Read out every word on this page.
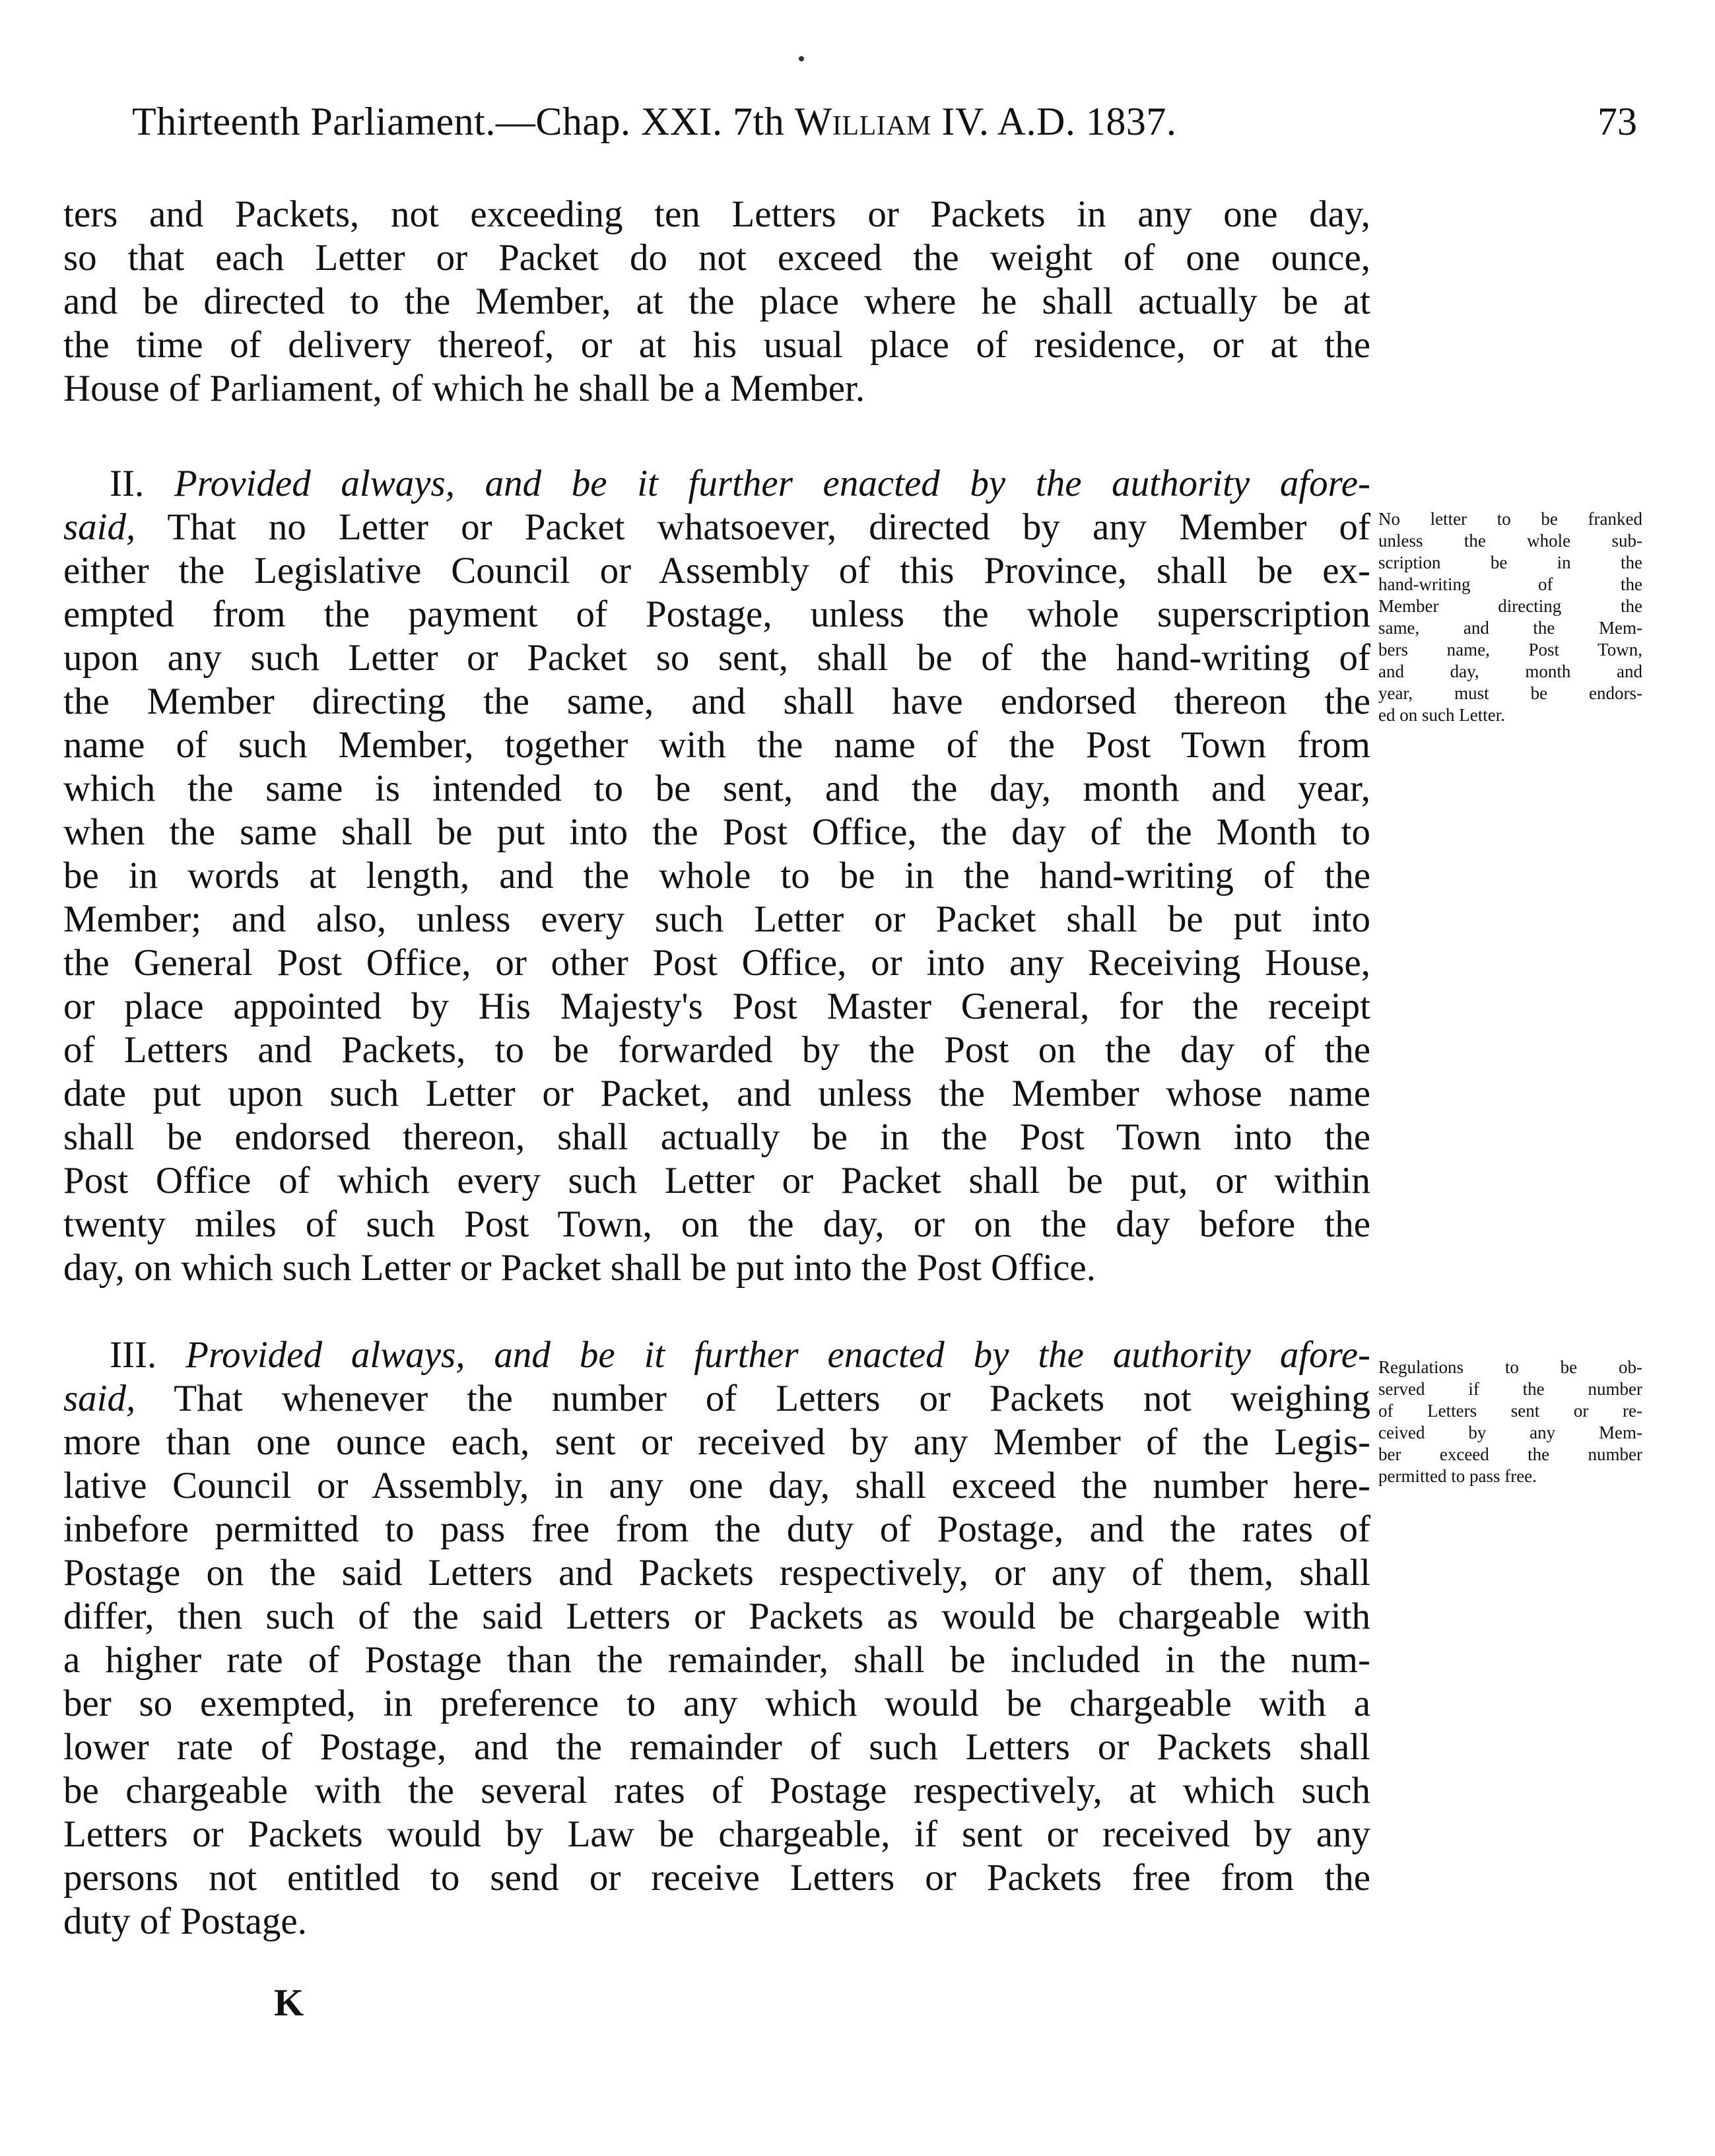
Thirteenth Parliament.—Chap. XXI. 7th William IV. A.D. 1837.	73
ters and Packets, not exceeding ten Letters or Packets in any one day,
so that each Letter or Packet do not exceed the weight of one ounce,
and be directed to the Member, at the place where he shall actually be at
the time of delivery thereof, or at his usual place of residence, or at the
House of Parliament, of which he shall be a Member.
II. Provided always, and be it further enacted by the authority afore-
said, That no Letter or Packet whatsoever, directed by any Member of
either the Legislative Council or Assembly of this Province, shall be ex-
empted from the payment of Postage, unless the whole superscription
upon any such Letter or Packet so sent, shall be of the hand-writing of
the Member directing the same, and shall have endorsed thereon the
name of such Member, together with the name of the Post Town from
which the same is intended to be sent, and the day, month and year,
when the same shall be put into the Post Office, the day of the Month to
be in words at length, and the whole to be in the hand-writing of the
Member; and also, unless every such Letter or Packet shall be put into
the General Post Office, or other Post Office, or into any Receiving House,
or place appointed by His Majesty's Post Master General, for the receipt
of Letters and Packets, to be forwarded by the Post on the day of the
date put upon such Letter or Packet, and unless the Member whose name
shall be endorsed thereon, shall actually be in the Post Town into the
Post Office of which every such Letter or Packet shall be put, or within
twenty miles of such Post Town, on the day, or on the day before the
day, on which such Letter or Packet shall be put into the Post Office.
No letter to be franked
unless the whole sub-
scription be in the
hand-writing of the
Member directing the
same, and the Mem-
bers name, Post Town,
and day, month and
year, must be endors-
ed on such Letter.
III. Provided always, and be it further enacted by the authority afore-
said, That whenever the number of Letters or Packets not weighing
more than one ounce each, sent or received by any Member of the Legis-
lative Council or Assembly, in any one day, shall exceed the number here-
inbefore permitted to pass free from the duty of Postage, and the rates of
Postage on the said Letters and Packets respectively, or any of them, shall
differ, then such of the said Letters or Packets as would be chargeable with
a higher rate of Postage than the remainder, shall be included in the num-
ber so exempted, in preference to any which would be chargeable with a
lower rate of Postage, and the remainder of such Letters or Packets shall
be chargeable with the several rates of Postage respectively, at which such
Letters or Packets would by Law be chargeable, if sent or received by any
persons not entitled to send or receive Letters or Packets free from the
duty of Postage.
Regulations to be ob-
served if the number
of Letters sent or re-
ceived by any Mem-
ber exceed the number
permitted to pass free.
K
